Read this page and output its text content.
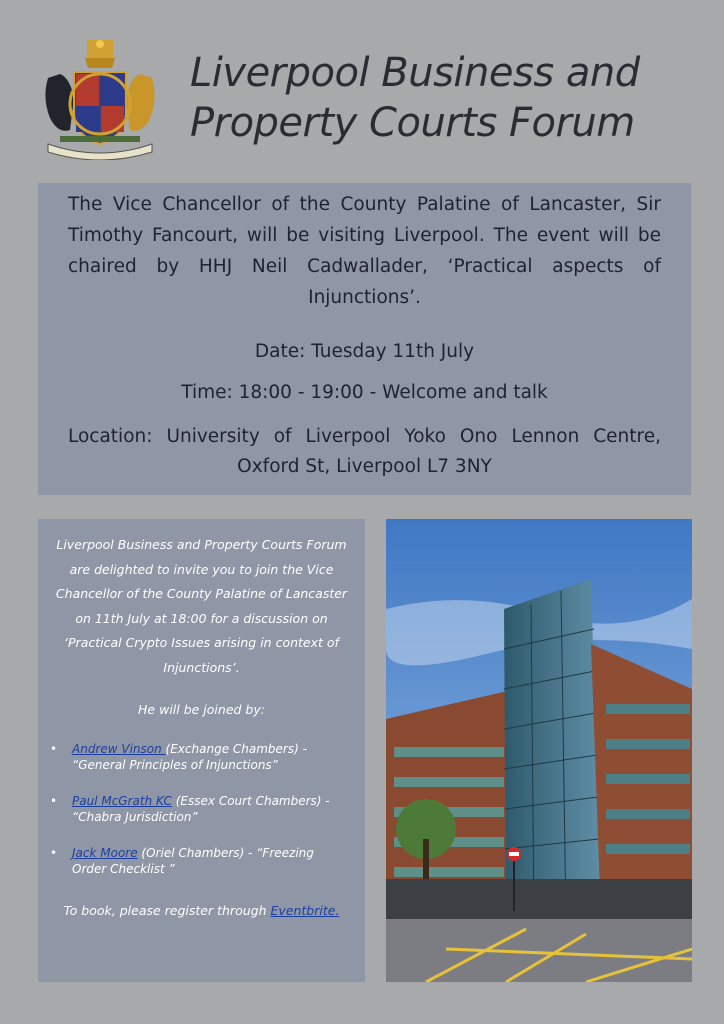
Liverpool Business and
Property Courts Forum

The Vice Chancellor of the County Palatine of Lancaster, Sir Timothy Fancourt, will be visiting Liverpool. The event will be chaired by HHJ Neil Cadwallader, ‘Practical aspects of Injunctions’.

Date: Tuesday 11th July

Time: 18:00 - 19:00 - Welcome and talk

Location: University of Liverpool Yoko Ono Lennon Centre, Oxford St, Liverpool L7 3NY

Liverpool Business and Property Courts Forum are delighted to invite you to join the Vice Chancellor of the County Palatine of Lancaster on 11th July at 18:00 for a discussion on ‘Practical Crypto Issues arising in context of Injunctions’.

He will be joined by:

• Andrew Vinson (Exchange Chambers) - “General Principles of Injunctions”
• Paul McGrath KC (Essex Court Chambers) - “Chabra Jurisdiction”
• Jack Moore (Oriel Chambers) - “Freezing Order Checklist ”

To book, please register through Eventbrite.
